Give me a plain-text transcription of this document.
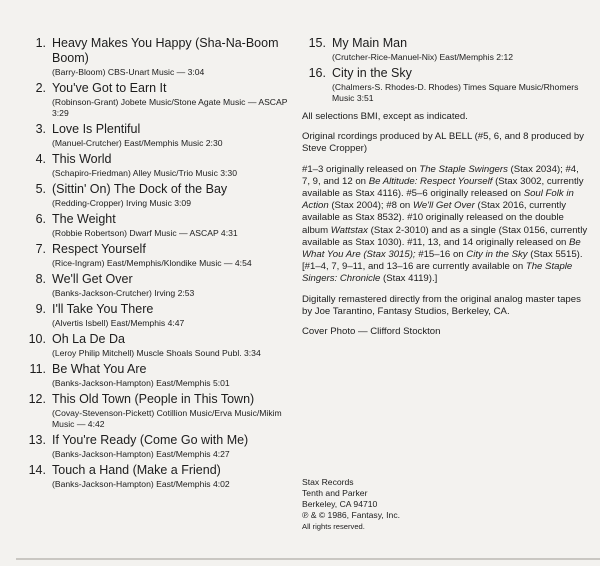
1. Heavy Makes You Happy (Sha-Na-Boom Boom)
(Barry-Bloom) CBS-Unart Music — 3:04
2. You've Got to Earn It
(Robinson-Grant) Jobete Music/Stone Agate Music — ASCAP 3:29
3. Love Is Plentiful
(Manuel-Crutcher) East/Memphis Music 2:30
4. This World
(Schapiro-Friedman) Alley Music/Trio Music 3:30
5. (Sittin' On) The Dock of the Bay
(Redding-Cropper) Irving Music 3:09
6. The Weight
(Robbie Robertson) Dwarf Music — ASCAP 4:31
7. Respect Yourself
(Rice-Ingram) East/Memphis/Klondike Music — 4:54
8. We'll Get Over
(Banks-Jackson-Crutcher) Irving 2:53
9. I'll Take You There
(Alvertis Isbell) East/Memphis 4:47
10. Oh La De Da
(Leroy Philip Mitchell) Muscle Shoals Sound Publ. 3:34
11. Be What You Are
(Banks-Jackson-Hampton) East/Memphis 5:01
12. This Old Town (People in This Town)
(Covay-Stevenson-Pickett) Cotillion Music/Erva Music/Mikim Music — 4:42
13. If You're Ready (Come Go with Me)
(Banks-Jackson-Hampton) East/Memphis 4:27
14. Touch a Hand (Make a Friend)
(Banks-Jackson-Hampton) East/Memphis 4:02
15. My Main Man
(Crutcher-Rice-Manuel-Nix) East/Memphis 2:12
16. City in the Sky
(Chalmers-S. Rhodes-D. Rhodes) Times Square Music/Rhomers Music 3:51

All selections BMI, except as indicated.

Original rcordings produced by AL BELL (#5, 6, and 8 produced by Steve Cropper)

#1–3 originally released on The Staple Swingers (Stax 2034); #4, 7, 9, and 12 on Be Altitude: Respect Yourself (Stax 3002, currently available as Stax 4116). #5–6 originally released on Soul Folk in Action (Stax 2004); #8 on We'll Get Over (Stax 2016, currently available as Stax 8532). #10 originally released on the double album Wattstax (Stax 2-3010) and as a single (Stax 0156, currently available as Stax 1030). #11, 13, and 14 originally released on Be What You Are (Stax 3015); #15–16 on City in the Sky (Stax 5515). [#1–4, 7, 9–11, and 13–16 are currently available on The Staple Singers: Chronicle (Stax 4119).]

Digitally remastered directly from the original analog master tapes by Joe Tarantino, Fantasy Studios, Berkeley, CA.

Cover Photo — Clifford Stockton

Stax Records
Tenth and Parker
Berkeley, CA 94710
℗ & © 1986, Fantasy, Inc.
All rights reserved.
